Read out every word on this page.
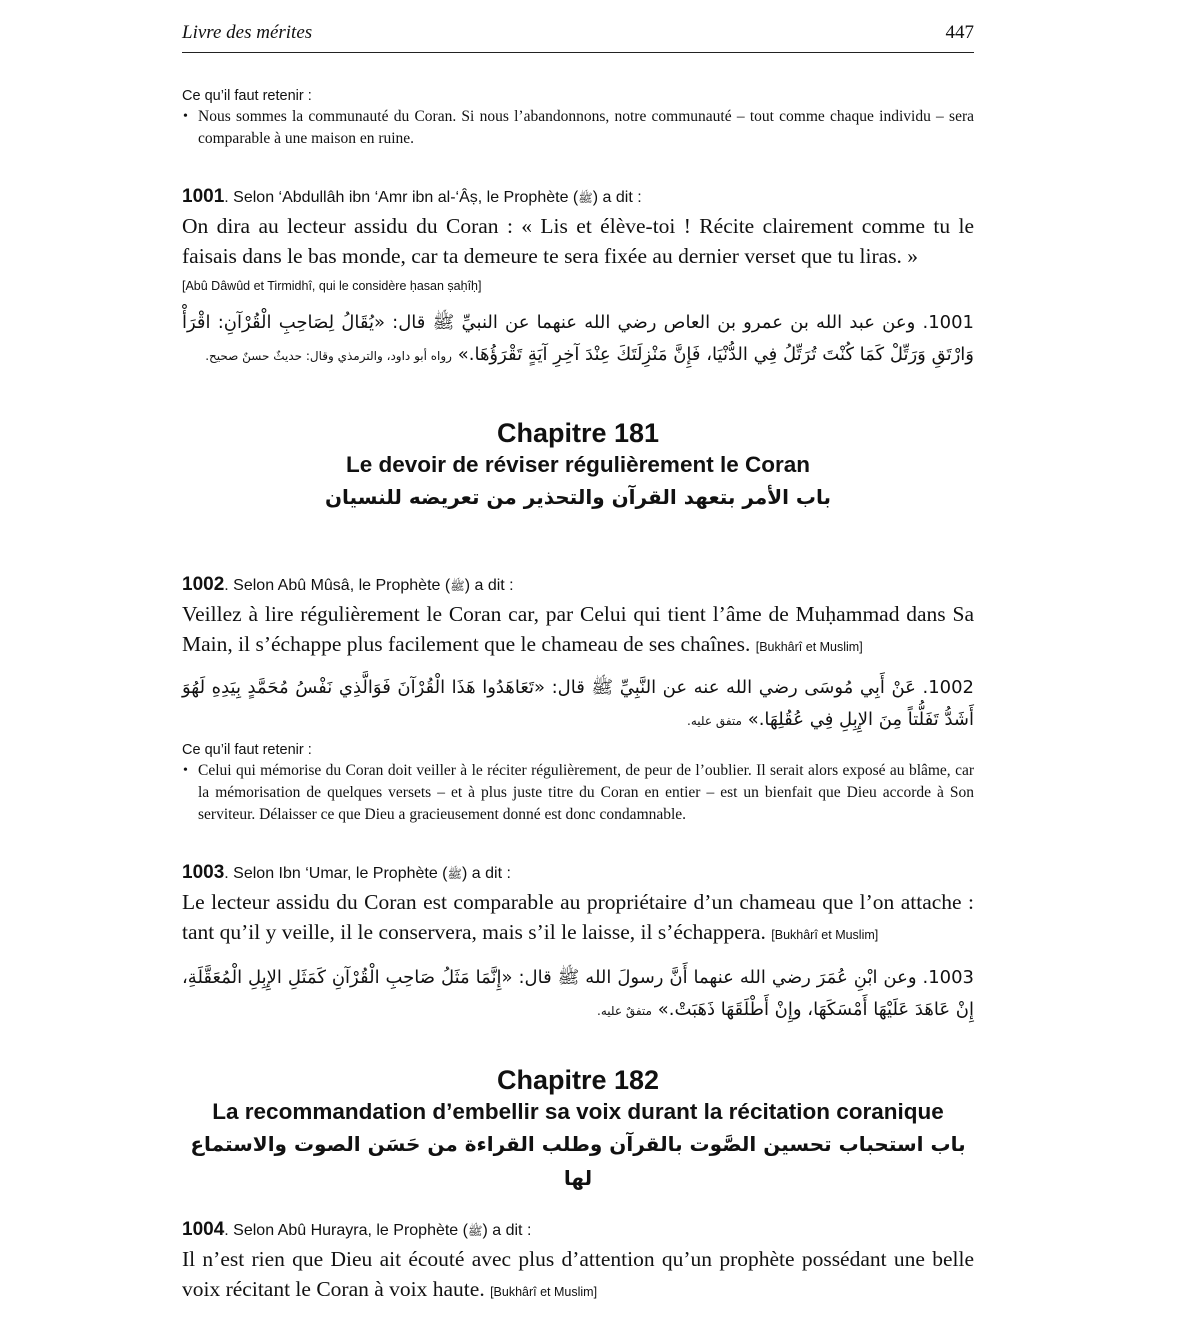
Livre des mérites	447
Ce qu’il faut retenir :
• Nous sommes la communauté du Coran. Si nous l’abandonnons, notre communauté – tout comme chaque individu – sera comparable à une maison en ruine.
1001. Selon ‘Abdullâh ibn ‘Amr ibn al-‘Âṣ, le Prophète (ﷺ) a dit :
On dira au lecteur assidu du Coran : « Lis et élève-toi ! Récite clairement comme tu le faisais dans le bas monde, car ta demeure te sera fixée au dernier verset que tu liras. »
[Abû Dâwûd et Tirmidhî, qui le considère ḥasan ṣaḥîḥ]
1001. وعن عبد الله بن عمرو بن العاص رضي الله عنهما عن النبيِّ ﷺ قال: «يُقَالُ لِصَاحِبِ الْقُرْآنِ: اقْرَأْ وَارْتَقِ وَرَتِّلْ كَمَا كُنْتَ تُرَتِّلُ فِي الدُّنْيَا، فَإِنَّ مَنْزِلَتَكَ عِنْدَ آخِرِ آيَةٍ تَقْرَؤُهَا.» رواه أبو داود، والترمذي وقال: حديثٌ حسنٌ صحيح.
Chapitre 181
Le devoir de réviser régulièrement le Coran
باب الأمر بتعهد القرآن والتحذير من تعريضه للنسيان
1002. Selon Abû Mûsâ, le Prophète (ﷺ) a dit :
Veillez à lire régulièrement le Coran car, par Celui qui tient l’âme de Muḥammad dans Sa Main, il s’échappe plus facilement que le chameau de ses chaînes. [Bukhârî et Muslim]
1002. عَنْ أَبِي مُوسَى رضي الله عنه عن النَّبِيِّ ﷺ قال: «تَعَاهَدُوا هَذَا الْقُرْآنَ فَوَالَّذِي نَفْسُ مُحَمَّدٍ بِيَدِهِ لَهُوَ أَشَدُّ تَفَلُّتاً مِنَ الإِبِلِ فِي عُقُلِهَا.» متفق عليه.
Ce qu’il faut retenir :
• Celui qui mémorise du Coran doit veiller à le réciter régulièrement, de peur de l’oublier. Il serait alors exposé au blâme, car la mémorisation de quelques versets – et à plus juste titre du Coran en entier – est un bienfait que Dieu accorde à Son serviteur. Délaisser ce que Dieu a gracieusement donné est donc condamnable.
1003. Selon Ibn ‘Umar, le Prophète (ﷺ) a dit :
Le lecteur assidu du Coran est comparable au propriétaire d’un chameau que l’on attache : tant qu’il y veille, il le conservera, mais s’il le laisse, il s’échappera. [Bukhârî et Muslim]
1003. وعن ابْنِ عُمَرَ رضي الله عنهما أَنَّ رسولَ الله ﷺ قال: «إِنَّمَا مَثَلُ صَاحِبِ الْقُرْآنِ كَمَثَلِ الإِبِلِ الْمُعَقَّلَةِ، إِنْ عَاهَدَ عَلَيْهَا أَمْسَكَهَا، وإِنْ أَطْلَقَهَا ذَهَبَتْ.» متفقٌ عليه.
Chapitre 182
La recommandation d’embellir sa voix durant la récitation coranique
باب استحباب تحسين الصَّوت بالقرآن وطلب القراءة من حَسَن الصوت والاستماع لها
1004. Selon Abû Hurayra, le Prophète (ﷺ) a dit :
Il n’est rien que Dieu ait écouté avec plus d’attention qu’un prophète possédant une belle voix récitant le Coran à voix haute. [Bukhârî et Muslim]
